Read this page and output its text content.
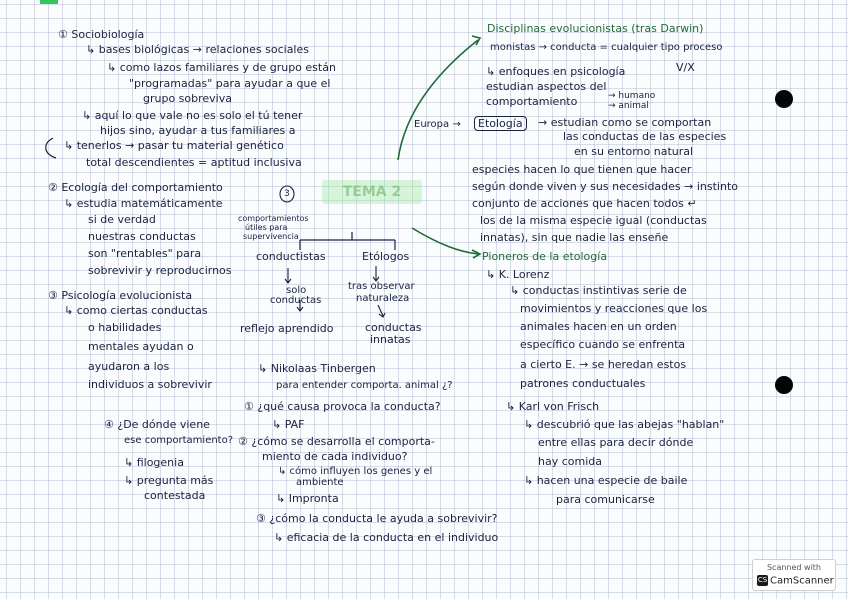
TEMA 2
① Sociobiología
↳ bases biológicas → relaciones sociales
↳ como lazos familiares y de grupo están
"programadas" para ayudar a que el
grupo sobreviva
↳ aquí lo que vale no es solo el tú tener
hijos sino, ayudar a tus familiares a
↳ tenerlos → pasar tu material genético
total descendientes = aptitud inclusiva
② Ecología del comportamiento
↳ estudia matemáticamente
si de verdad
nuestras conductas
son "rentables" para
sobrevivir y reproducirnos
③ Psicología evolucionista
↳ como ciertas conductas
o habilidades
mentales ayudan o
ayudaron a los
individuos a sobrevivir
3
comportamientos
útiles para
supervivencia
conductistas	Etólogos
solo
conductas
tras observar
naturaleza
reflejo aprendido	conductas
innatas
↳ Nikolaas Tinbergen
para entender comporta. animal ¿?
① ¿qué causa provoca la conducta?
↳ PAF
② ¿cómo se desarrolla el comporta-
miento de cada individuo?
↳ cómo influyen los genes y el
ambiente
↳ Impronta
④ ¿De dónde viene
ese comportamiento?
↳ filogenia
↳ pregunta más
contestada
③ ¿cómo la conducta le ayuda a sobrevivir?
↳ eficacia de la conducta en el individuo
Disciplinas evolucionistas (tras Darwin)
monistas → conducta = cualquier tipo proceso
V/X
↳ enfoques en psicología
estudian aspectos del
comportamiento	→ humano
→ animal
Europa →	Etología	→ estudian como se comportan
las conductas de las especies
en su entorno natural
especies hacen lo que tienen que hacer
según donde viven y sus necesidades → instinto
conjunto de acciones que hacen todos ↵
los de la misma especie igual (conductas
innatas), sin que nadie las enseñe
Pioneros de la etología
↳ K. Lorenz
↳ conductas instintivas serie de
movimientos y reacciones que los
animales hacen en un orden
específico cuando se enfrenta
a cierto E. → se heredan estos
patrones conductuales
↳ Karl von Frisch
↳ descubrió que las abejas "hablan"
entre ellas para decir dónde
hay comida
↳ hacen una especie de baile
para comunicarse
Scanned with
CS CamScanner
